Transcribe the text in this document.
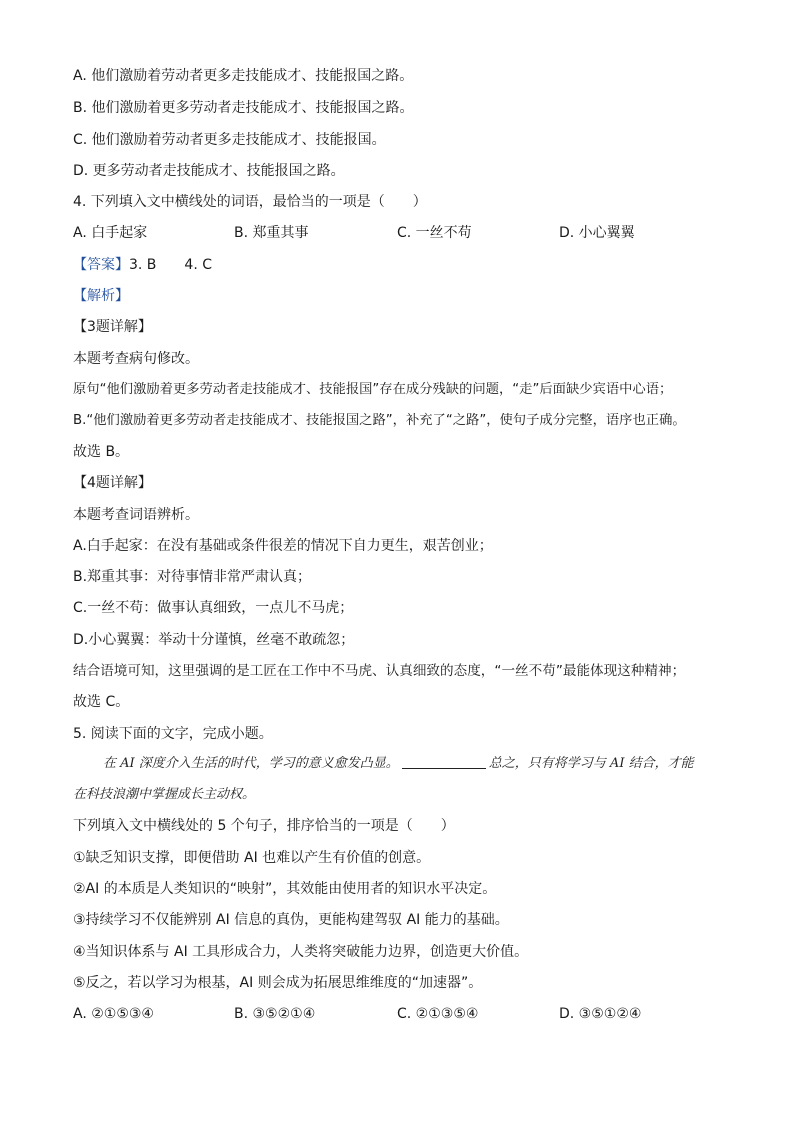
A. 他们激励着劳动者更多走技能成才、技能报国之路。
B. 他们激励着更多劳动者走技能成才、技能报国之路。
C. 他们激励着劳动者更多走技能成才、技能报国。
D. 更多劳动者走技能成才、技能报国之路。
4. 下列填入文中横线处的词语，最恰当的一项是（　　）
A. 白手起家	B. 郑重其事	C. 一丝不苟	D. 小心翼翼
【答案】3. B　　4. C
【解析】
【3题详解】
本题考查病句修改。
原句“他们激励着更多劳动者走技能成才、技能报国”存在成分残缺的问题，“走”后面缺少宾语中心语；
B.“他们激励着更多劳动者走技能成才、技能报国之路”，补充了“之路”，使句子成分完整，语序也正确。
故选 B。
【4题详解】
本题考查词语辨析。
A.白手起家：在没有基础或条件很差的情况下自力更生，艰苦创业；
B.郑重其事：对待事情非常严肃认真；
C.一丝不苟：做事认真细致，一点儿不马虎；
D.小心翼翼：举动十分谨慎，丝毫不敢疏忽；
结合语境可知，这里强调的是工匠在工作中不马虎、认真细致的态度，“一丝不苟”最能体现这种精神；
故选 C。
5. 阅读下面的文字，完成小题。
在 AI 深度介入生活的时代，学习的意义愈发凸显。	总之，只有将学习与 AI 结合，才能
在科技浪潮中掌握成长主动权。
下列填入文中横线处的 5 个句子，排序恰当的一项是（　　）
①缺乏知识支撑，即便借助 AI 也难以产生有价值的创意。
②AI 的本质是人类知识的“映射”，其效能由使用者的知识水平决定。
③持续学习不仅能辨别 AI 信息的真伪，更能构建驾驭 AI 能力的基础。
④当知识体系与 AI 工具形成合力，人类将突破能力边界，创造更大价值。
⑤反之，若以学习为根基，AI 则会成为拓展思维维度的“加速器”。
A. ②①⑤③④	B. ③⑤②①④	C. ②①③⑤④	D. ③⑤①②④
